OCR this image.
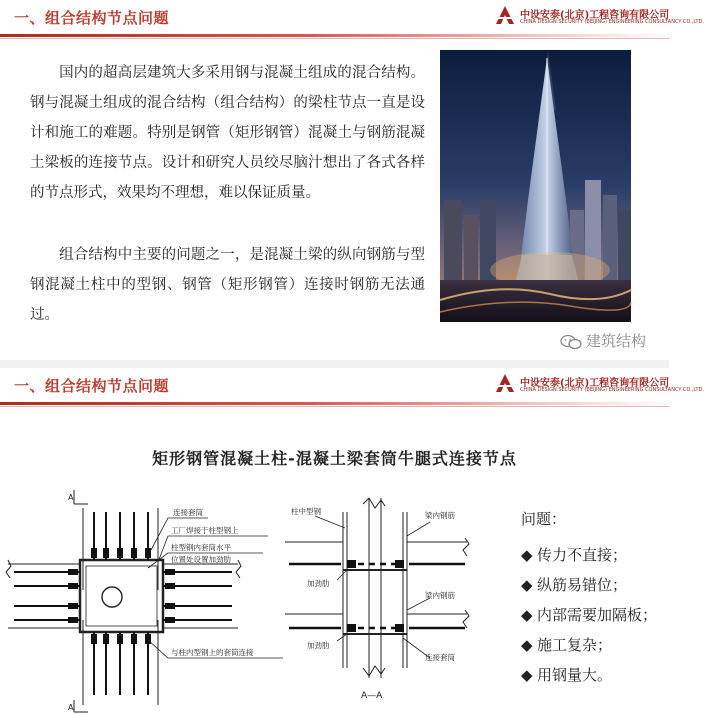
一、组合结构节点问题	中设安泰(北京)工程咨询有限公司
CHINA DESIGN SECURITY (BEIJING) ENGINEERING CONSULTANCY CO.,LTD.
国内的超高层建筑大多采用钢与混凝土组成的混合结构。钢与混凝土组成的混合结构（组合结构）的梁柱节点一直是设计和施工的难题。特别是钢管（矩形钢管）混凝土与钢筋混凝土梁板的连接节点。设计和研究人员绞尽脑汁想出了各式各样的节点形式，效果均不理想，难以保证质量。
组合结构中主要的问题之一，是混凝土梁的纵向钢筋与型钢混凝土柱中的型钢、钢管（矩形钢管）连接时钢筋无法通过。
建筑结构
一、组合结构节点问题	中设安泰(北京)工程咨询有限公司
CHINA DESIGN SECURITY (BEIJING) ENGINEERING CONSULTANCY CO.,LTD.
矩形钢管混凝土柱-混凝土梁套筒牛腿式连接节点
A
A
连接套筒
工厂焊接于柱型钢上
柱型钢内套筒水平
位置处设置加劲肋
与柱内型钢上的套筒连接
柱中型钢	梁内钢筋
加劲肋
加劲肋
梁内钢筋
连接套筒
A—A
问题：
◆ 传力不直接；
◆ 纵筋易错位；
◆ 内部需要加隔板；
◆ 施工复杂；
◆ 用钢量大。
